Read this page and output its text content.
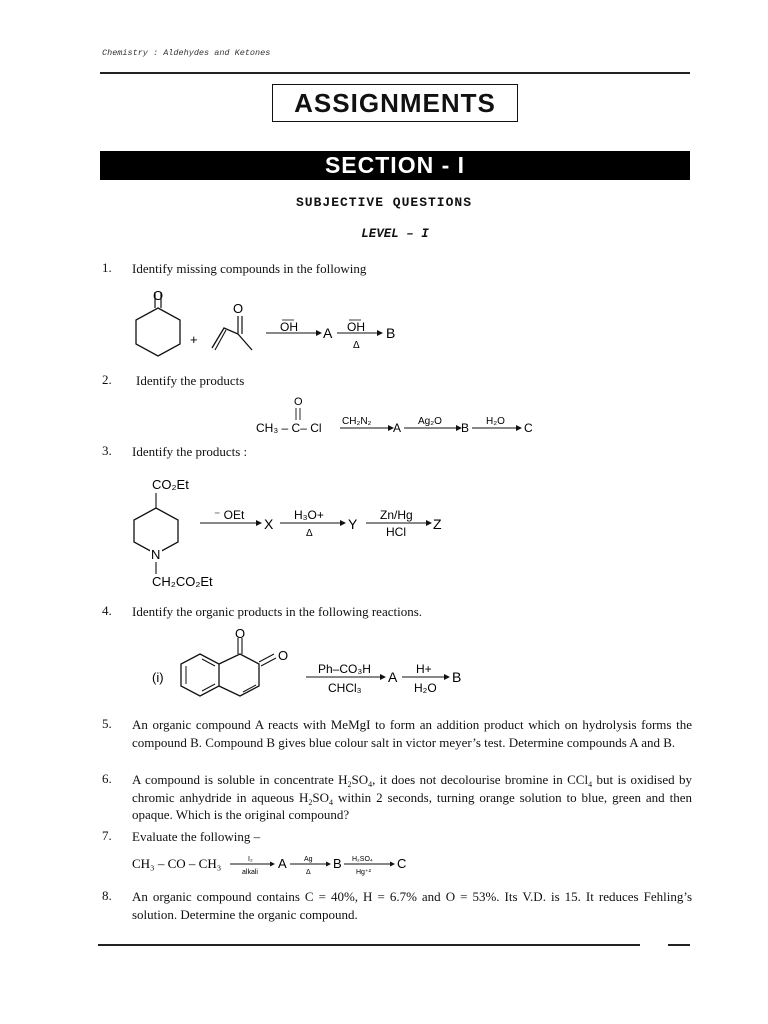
Chemistry : Aldehydes and Ketones
ASSIGNMENTS
SECTION - I
SUBJECTIVE QUESTIONS
LEVEL – I
1. Identify missing compounds in the following
O
+
O
OH A OH
Δ
B
2. Identify the products
O
CH₃ – C– Cl CH₂N₂ A Ag₂O B H₂O C
3. Identify the products :
CO₂Et
N
CH₂CO₂Et
⁻ OEt
X
H₃O+
Δ
Y
Zn/Hg
HCl Z
4. Identify the organic products in the following reactions.
(i)
O
O
Ph–CO₃H
CHCl₃
A H+
H₂O
B
5. An organic compound A reacts with MeMgI to form an addition product which on hydrolysis forms the compound B. Compound B gives blue colour salt in victor meyer’s test. Determine compounds A and B.
6. A compound is soluble in concentrate $H_2SO_4$, it does not decolourise bromine in CCl$_4$ but is oxidised by chromic anhydride in aqueous $H_2SO_4$ within 2 seconds, turning orange solution to blue, green and then opaque. Which is the original compound?
7. Evaluate the following –
CH₃ – CO – CH₃	I₂
alkali
A Ag
Δ
B H₂SO₄
Hg⁺²
C
8. An organic compound contains C = 40%, H = 6.7% and O = 53%. Its V.D. is 15. It reduces Fehling’s solution. Determine the organic compound.
